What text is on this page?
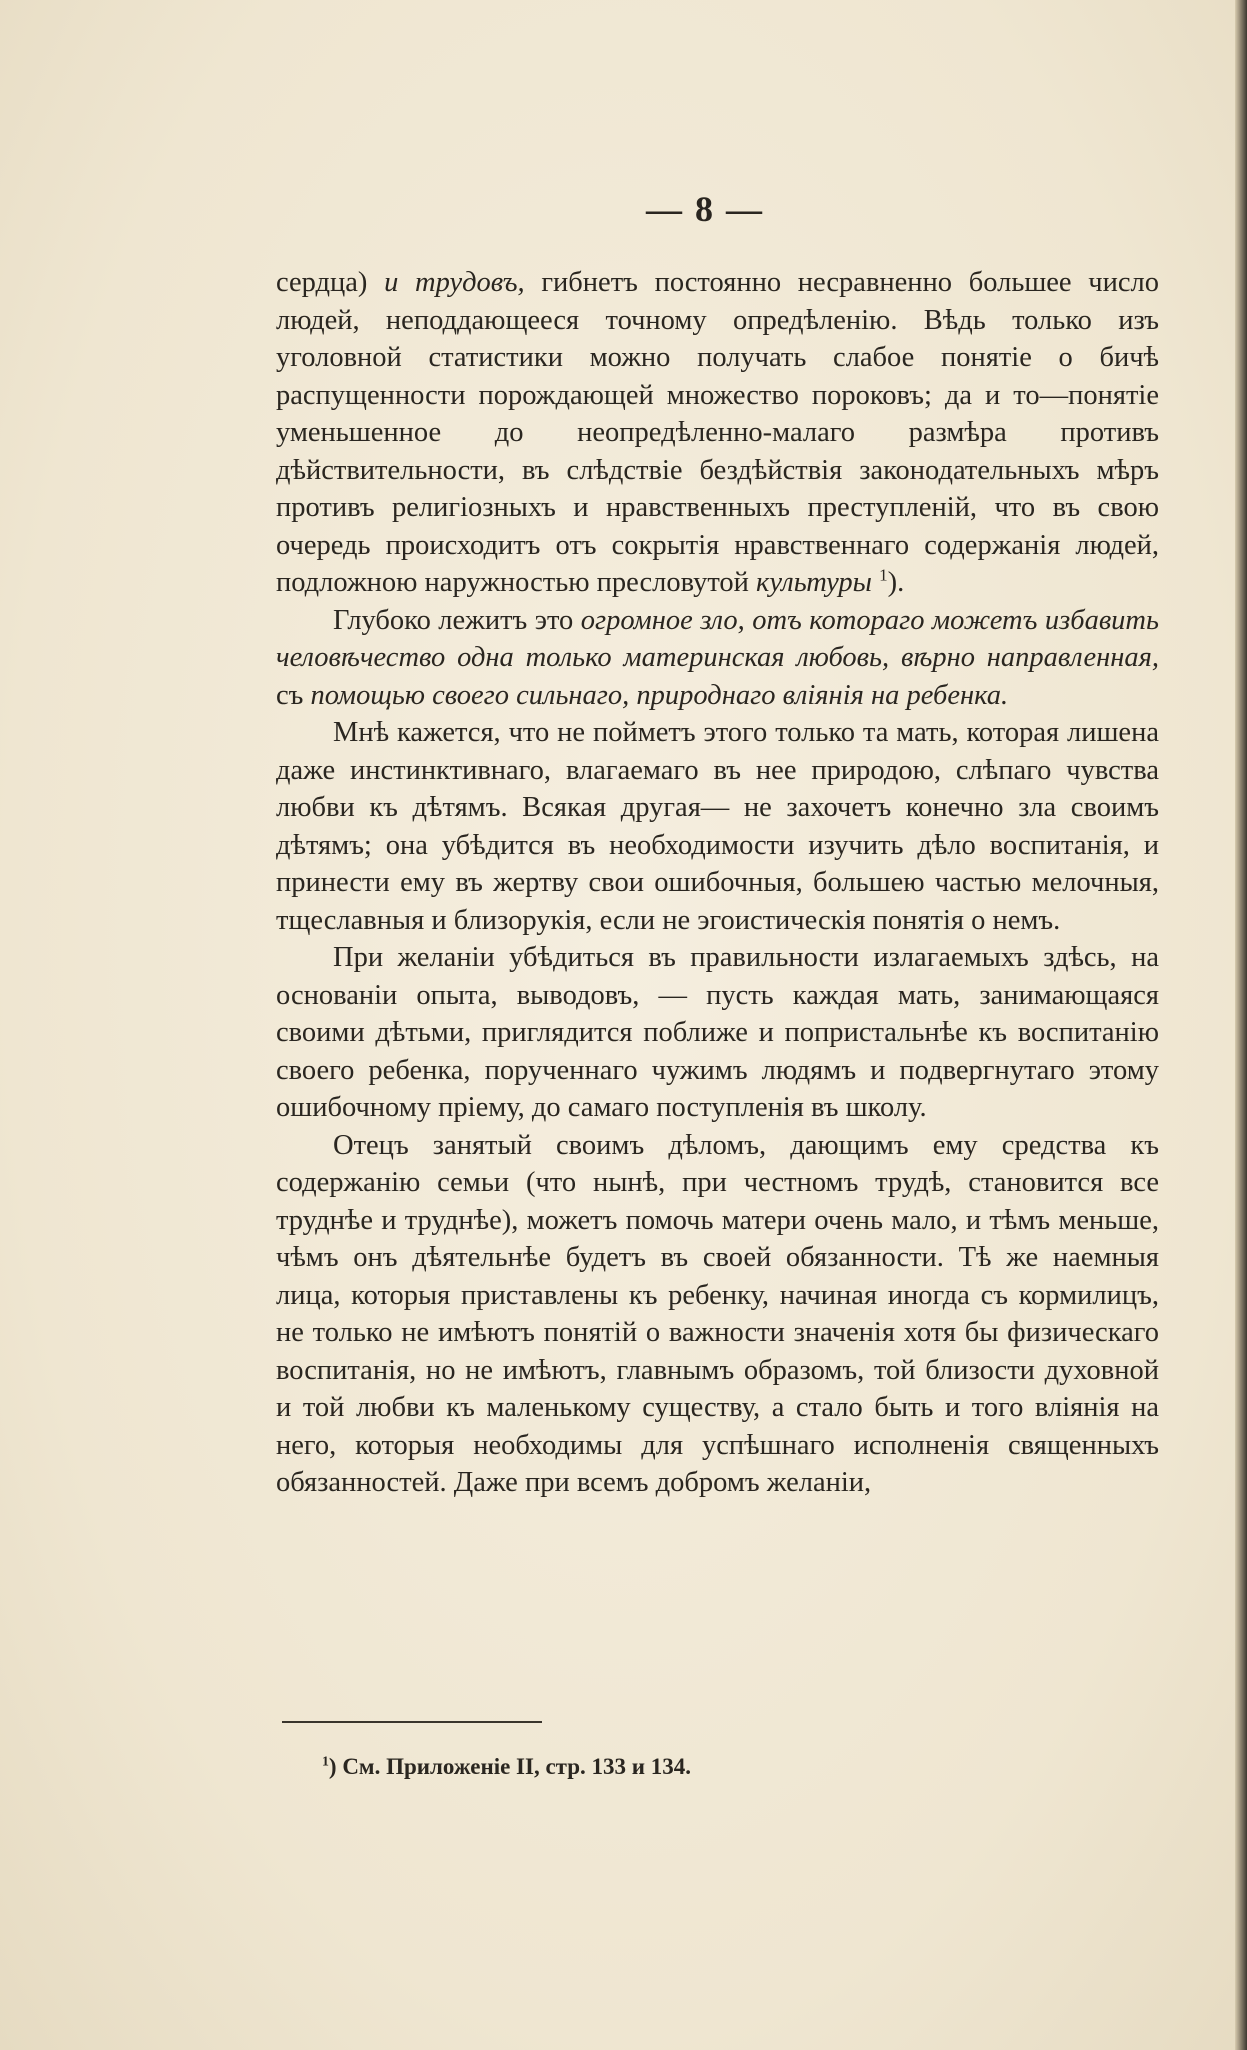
— 8 —

сердца) и трудовъ, гибнетъ постоянно несравненно большее число людей, неподдающееся точному опредѣленію. Вѣдь только изъ уголовной статистики можно получать слабое понятіе о бичѣ распущенности порождающей множество пороковъ; да и то—понятіе уменьшенное до неопредѣленно-малаго размѣра противъ дѣйствительности, въ слѣдствіе бездѣйствія законодательныхъ мѣръ противъ религіозныхъ и нравственныхъ преступленій, что въ свою очередь происходитъ отъ сокрытія нравственнаго содержанія людей, подложною наружностью пресловутой культуры $^1$).

Глубоко лежитъ это огромное зло, отъ котораго можетъ избавить человѣчество одна только материнская любовь, вѣрно направленная, съ помощью своего сильнаго, природнаго вліянія на ребенка.

Мнѣ кажется, что не пойметъ этого только та мать, которая лишена даже инстинктивнаго, влагаемаго въ нее природою, слѣпаго чувства любви къ дѣтямъ. Всякая другая— не захочетъ конечно зла своимъ дѣтямъ; она убѣдится въ необходимости изучить дѣло воспитанія, и принести ему въ жертву свои ошибочныя, большею частью мелочныя, тщеславныя и близорукія, если не эгоистическія понятія о немъ.

При желаніи убѣдиться въ правильности излагаемыхъ здѣсь, на основаніи опыта, выводовъ, — пусть каждая мать, занимающаяся своими дѣтьми, приглядится поближе и попристальнѣе къ воспитанію своего ребенка, порученнаго чужимъ людямъ и подвергнутаго этому ошибочному пріему, до самаго поступленія въ школу.

Отецъ занятый своимъ дѣломъ, дающимъ ему средства къ содержанію семьи (что нынѣ, при честномъ трудѣ, становится все труднѣе и труднѣе), можетъ помочь матери очень мало, и тѣмъ меньше, чѣмъ онъ дѣятельнѣе будетъ въ своей обязанности. Тѣ же наемныя лица, которыя приставлены къ ребенку, начиная иногда съ кормилицъ, не только не имѣютъ понятій о важности значенія хотя бы физическаго воспитанія, но не имѣютъ, главнымъ образомъ, той близости духовной и той любви къ маленькому существу, а стало быть и того вліянія на него, которыя необходимы для успѣшнаго исполненія священныхъ обязанностей. Даже при всемъ добромъ желаніи,

$^1$) См. Приложеніе II, стр. 133 и 134.
